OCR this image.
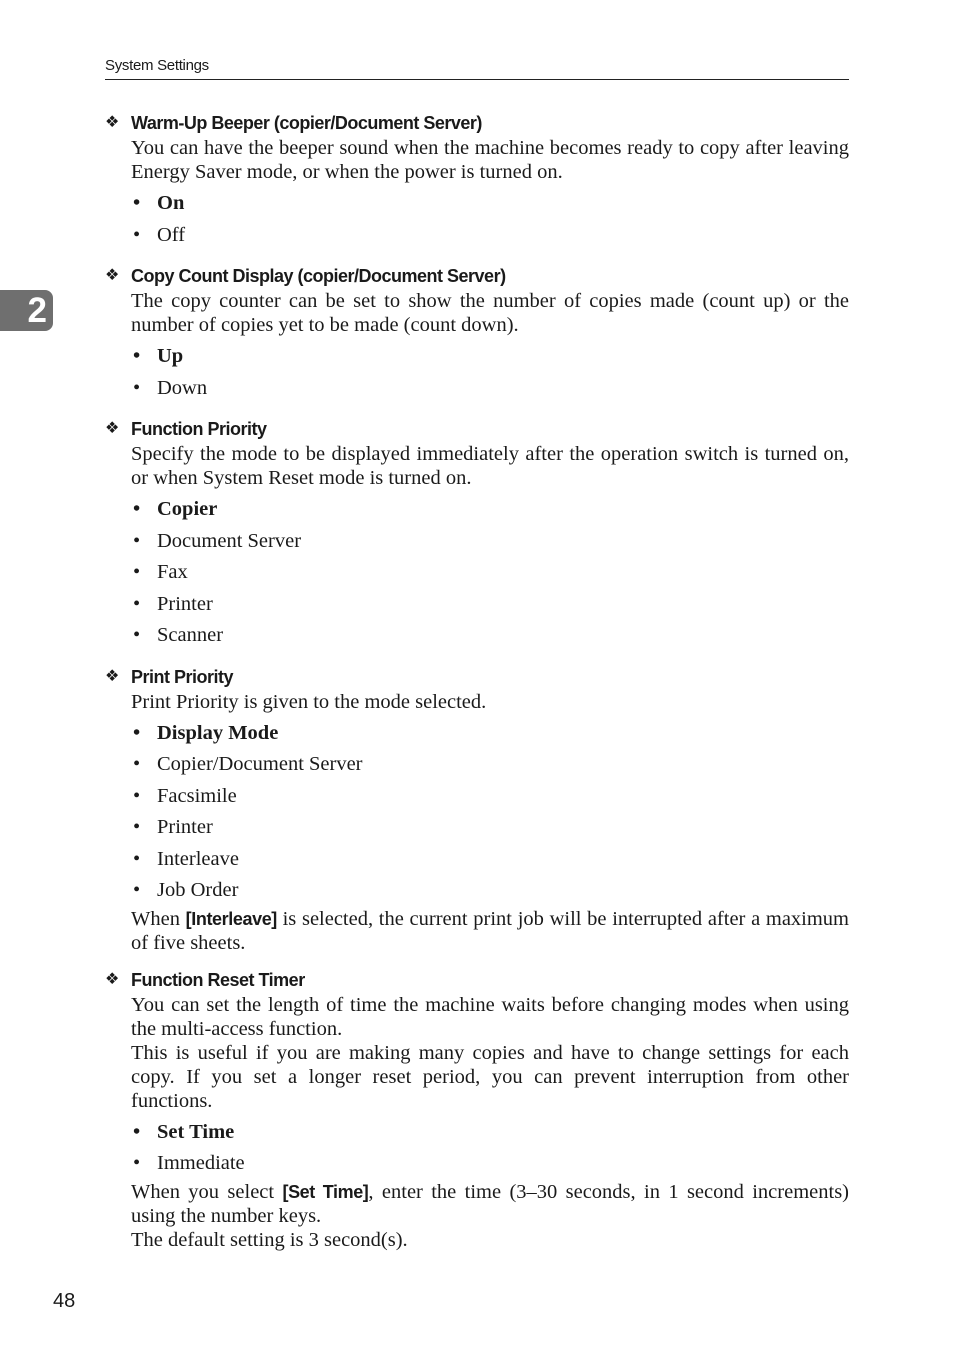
System Settings
2
❖ Warm-Up Beeper (copier/Document Server)

You can have the beeper sound when the machine becomes ready to copy after leaving Energy Saver mode, or when the power is turned on.

• On
• Off
❖ Copy Count Display (copier/Document Server)

The copy counter can be set to show the number of copies made (count up) or the number of copies yet to be made (count down).

• Up
• Down
❖ Function Priority

Specify the mode to be displayed immediately after the operation switch is turned on, or when System Reset mode is turned on.

• Copier
• Document Server
• Fax
• Printer
• Scanner
❖ Print Priority

Print Priority is given to the mode selected.

• Display Mode
• Copier/Document Server
• Facsimile
• Printer
• Interleave
• Job Order

When [Interleave] is selected, the current print job will be interrupted after a maximum of five sheets.

❖ Function Reset Timer

You can set the length of time the machine waits before changing modes when using the multi-access function.

This is useful if you are making many copies and have to change settings for each copy. If you set a longer reset period, you can prevent interruption from other functions.

• Set Time
• Immediate

When you select [Set Time], enter the time (3–30 seconds, in 1 second increments) using the number keys.

The default setting is 3 second(s).

48
